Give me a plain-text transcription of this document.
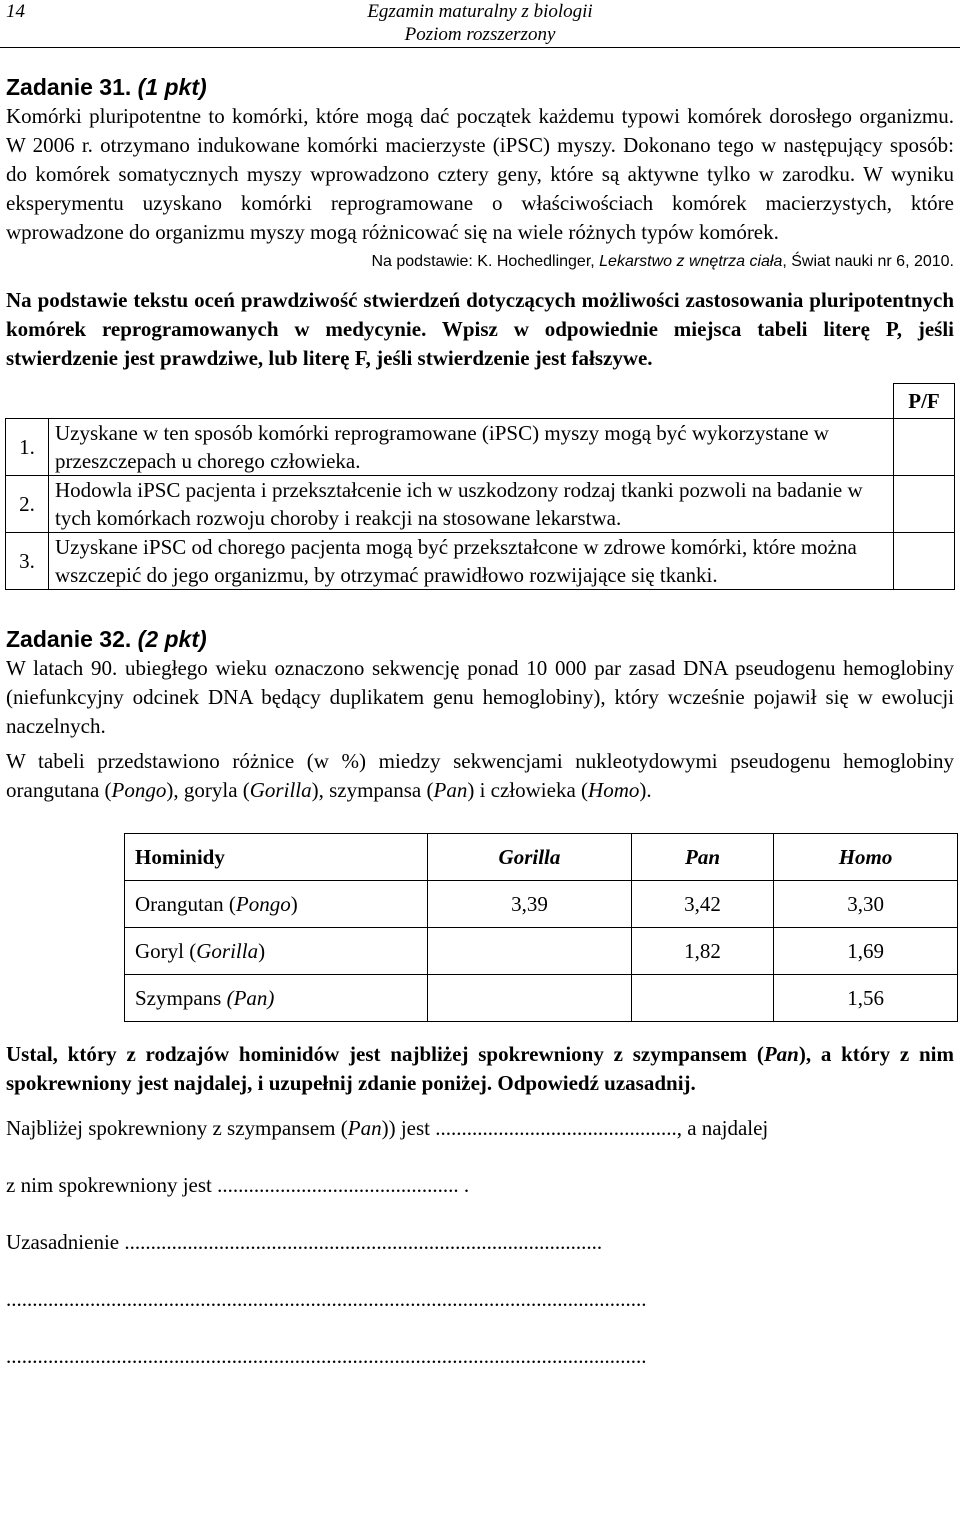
14	Egzamin maturalny z biologii
Poziom rozszerzony
Zadanie 31. (1 pkt)

Komórki pluripotentne to komórki, które mogą dać początek każdemu typowi komórek dorosłego organizmu. W 2006 r. otrzymano indukowane komórki macierzyste (iPSC) myszy. Dokonano tego w następujący sposób: do komórek somatycznych myszy wprowadzono cztery geny, które są aktywne tylko w zarodku. W wyniku eksperymentu uzyskano komórki reprogramowane o właściwościach komórek macierzystych, które wprowadzone do organizmu myszy mogą różnicować się na wiele różnych typów komórek.

Na podstawie: K. Hochedlinger, Lekarstwo z wnętrza ciała, Świat nauki nr 6, 2010.

Na podstawie tekstu oceń prawdziwość stwierdzeń dotyczących możliwości zastosowania pluripotentnych komórek reprogramowanych w medycynie. Wpisz w odpowiednie miejsca tabeli literę P, jeśli stwierdzenie jest prawdziwe, lub literę F, jeśli stwierdzenie jest fałszywe.

		P/F
1.	Uzyskane w ten sposób komórki reprogramowane (iPSC) myszy mogą być wykorzystane w przeszczepach u chorego człowieka.	
2.	Hodowla iPSC pacjenta i przekształcenie ich w uszkodzony rodzaj tkanki pozwoli na badanie w tych komórkach rozwoju choroby i reakcji na stosowane lekarstwa.	
3.	Uzyskane iPSC od chorego pacjenta mogą być przekształcone w zdrowe komórki, które można wszczepić do jego organizmu, by otrzymać prawidłowo rozwijające się tkanki.	
Zadanie 32. (2 pkt)

W latach 90. ubiegłego wieku oznaczono sekwencję ponad 10 000 par zasad DNA pseudogenu hemoglobiny (niefunkcyjny odcinek DNA będący duplikatem genu hemoglobiny), który wcześnie pojawił się w ewolucji naczelnych.

W tabeli przedstawiono różnice (w %) miedzy sekwencjami nukleotydowymi pseudogenu hemoglobiny orangutana (Pongo), goryla (Gorilla), szympansa (Pan) i człowieka (Homo).

Hominidy	Gorilla	Pan	Homo
Orangutan (Pongo)	3,39	3,42	3,30
Goryl (Gorilla)		1,82	1,69
Szympans (Pan)			1,56

Ustal, który z rodzajów hominidów jest najbliżej spokrewniony z szympansem (Pan), a który z nim spokrewniony jest najdalej, i uzupełnij zdanie poniżej. Odpowiedź uzasadnij.

Najbliżej spokrewniony z szympansem (Pan)) jest .............................................., a najdalej

z nim spokrewniony jest .............................................. .

Uzasadnienie ...........................................................................................

..........................................................................................................................

..........................................................................................................................
